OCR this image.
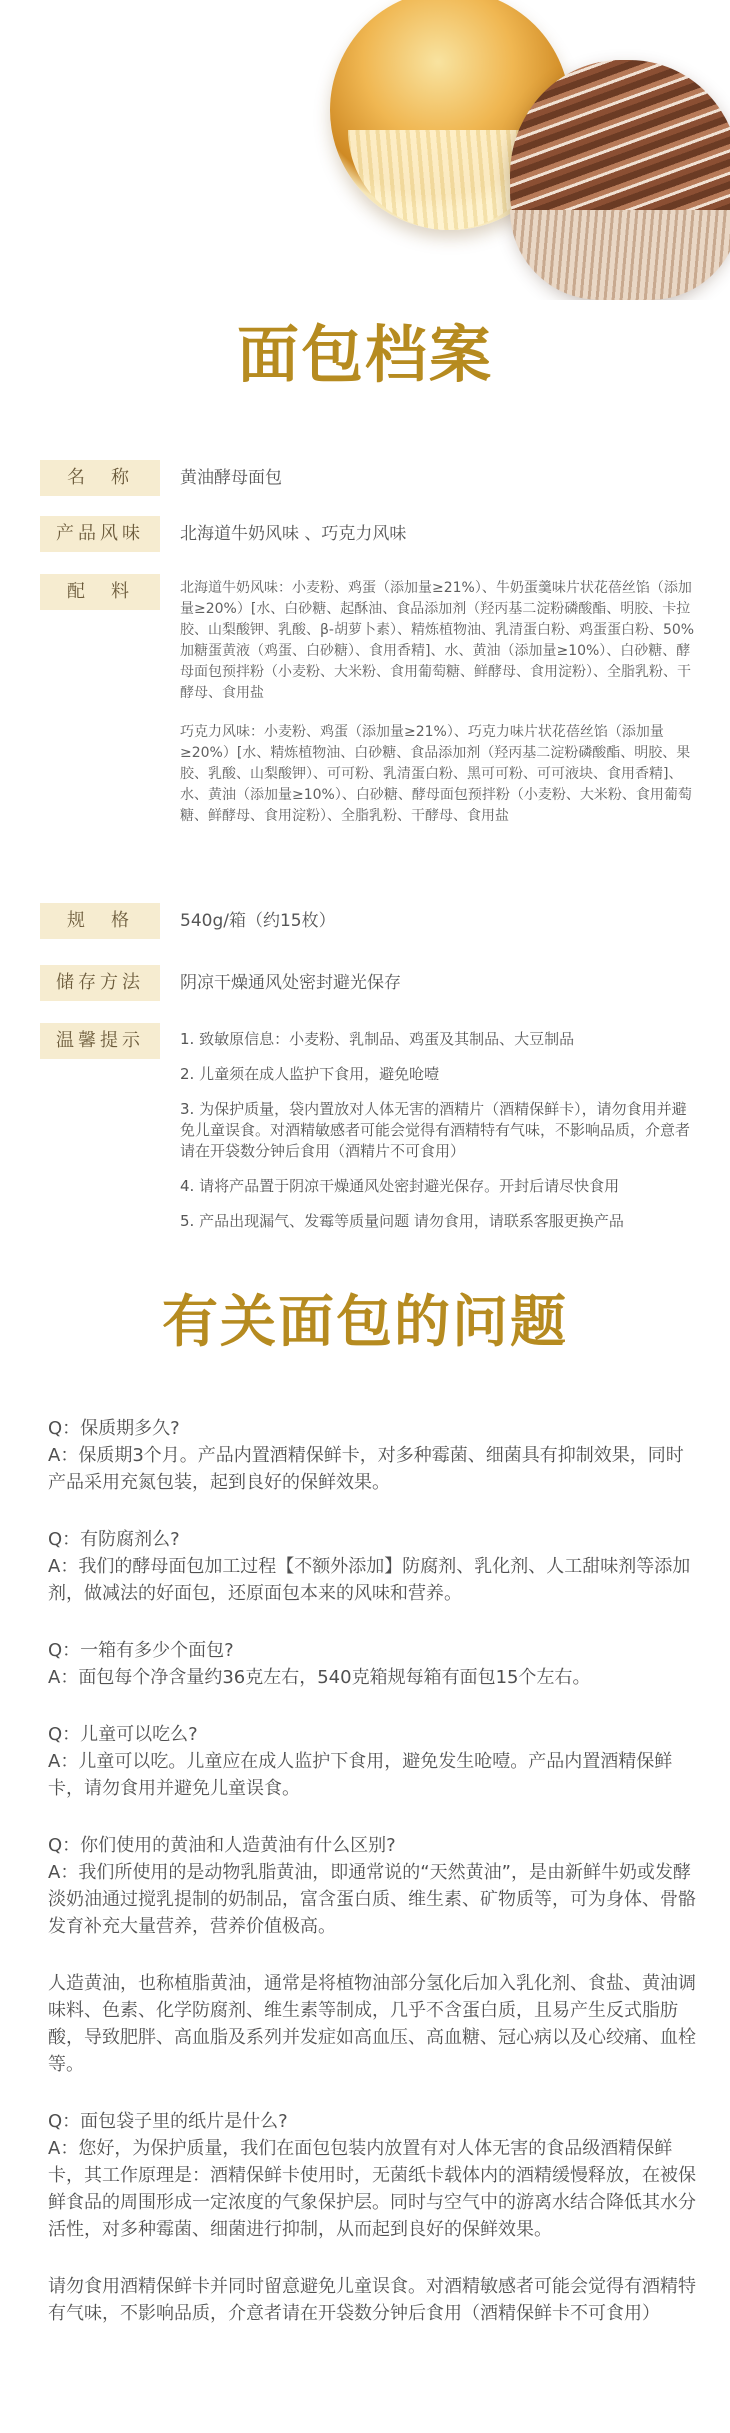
面包档案
名　称	黄油酵母面包
产品风味	北海道牛奶风味 、巧克力风味
配　料	北海道牛奶风味：小麦粉、鸡蛋（添加量≥21%）、牛奶蛋羹味片状花蓓丝馅（添加量≥20%）[水、白砂糖、起酥油、食品添加剂（羟丙基二淀粉磷酸酯、明胶、卡拉胶、山梨酸钾、乳酸、β-胡萝卜素）、精炼植物油、乳清蛋白粉、鸡蛋蛋白粉、50%加糖蛋黄液（鸡蛋、白砂糖）、食用香精]、水、黄油（添加量≥10%）、白砂糖、酵母面包预拌粉（小麦粉、大米粉、食用葡萄糖、鲜酵母、食用淀粉）、全脂乳粉、干酵母、食用盐

巧克力风味：小麦粉、鸡蛋（添加量≥21%）、巧克力味片状花蓓丝馅（添加量≥20%）[水、精炼植物油、白砂糖、食品添加剂（羟丙基二淀粉磷酸酯、明胶、果胶、乳酸、山梨酸钾）、可可粉、乳清蛋白粉、黑可可粉、可可液块、食用香精]、水、黄油（添加量≥10%）、白砂糖、酵母面包预拌粉（小麦粉、大米粉、食用葡萄糖、鲜酵母、食用淀粉）、全脂乳粉、干酵母、食用盐

规　格	540g/箱（约15枚）
储存方法	阴凉干燥通风处密封避光保存
温馨提示	1. 致敏原信息：小麦粉、乳制品、鸡蛋及其制品、大豆制品

2. 儿童须在成人监护下食用，避免呛噎

3. 为保护质量，袋内置放对人体无害的酒精片（酒精保鲜卡），请勿食用并避免儿童误食。对酒精敏感者可能会觉得有酒精特有气味，不影响品质，介意者请在开袋数分钟后食用（酒精片不可食用）

4. 请将产品置于阴凉干燥通风处密封避光保存。开封后请尽快食用

5. 产品出现漏气、发霉等质量问题 请勿食用，请联系客服更换产品

有关面包的问题

Q：保质期多久?

A：保质期3个月。产品内置酒精保鲜卡，对多种霉菌、细菌具有抑制效果，同时产品采用充氮包装，起到良好的保鲜效果。

Q：有防腐剂么?

A：我们的酵母面包加工过程【不额外添加】防腐剂、乳化剂、人工甜味剂等添加剂，做减法的好面包，还原面包本来的风味和营养。

Q：一箱有多少个面包?

A：面包每个净含量约36克左右，540克箱规每箱有面包15个左右。

Q：儿童可以吃么?

A：儿童可以吃。儿童应在成人监护下食用，避免发生呛噎。产品内置酒精保鲜卡，请勿食用并避免儿童误食。

Q：你们使用的黄油和人造黄油有什么区别?

A：我们所使用的是动物乳脂黄油，即通常说的“天然黄油”，是由新鲜牛奶或发酵淡奶油通过搅乳提制的奶制品，富含蛋白质、维生素、矿物质等，可为身体、骨骼发育补充大量营养，营养价值极高。

人造黄油，也称植脂黄油，通常是将植物油部分氢化后加入乳化剂、食盐、黄油调味料、色素、化学防腐剂、维生素等制成，几乎不含蛋白质，且易产生反式脂肪酸，导致肥胖、高血脂及系列并发症如高血压、高血糖、冠心病以及心绞痛、血栓等。

Q：面包袋子里的纸片是什么?

A：您好，为保护质量，我们在面包包装内放置有对人体无害的食品级酒精保鲜卡，其工作原理是：酒精保鲜卡使用时，无菌纸卡载体内的酒精缓慢释放，在被保鲜食品的周围形成一定浓度的气象保护层。同时与空气中的游离水结合降低其水分活性，对多种霉菌、细菌进行抑制，从而起到良好的保鲜效果。

请勿食用酒精保鲜卡并同时留意避免儿童误食。对酒精敏感者可能会觉得有酒精特有气味，不影响品质，介意者请在开袋数分钟后食用（酒精保鲜卡不可食用）
